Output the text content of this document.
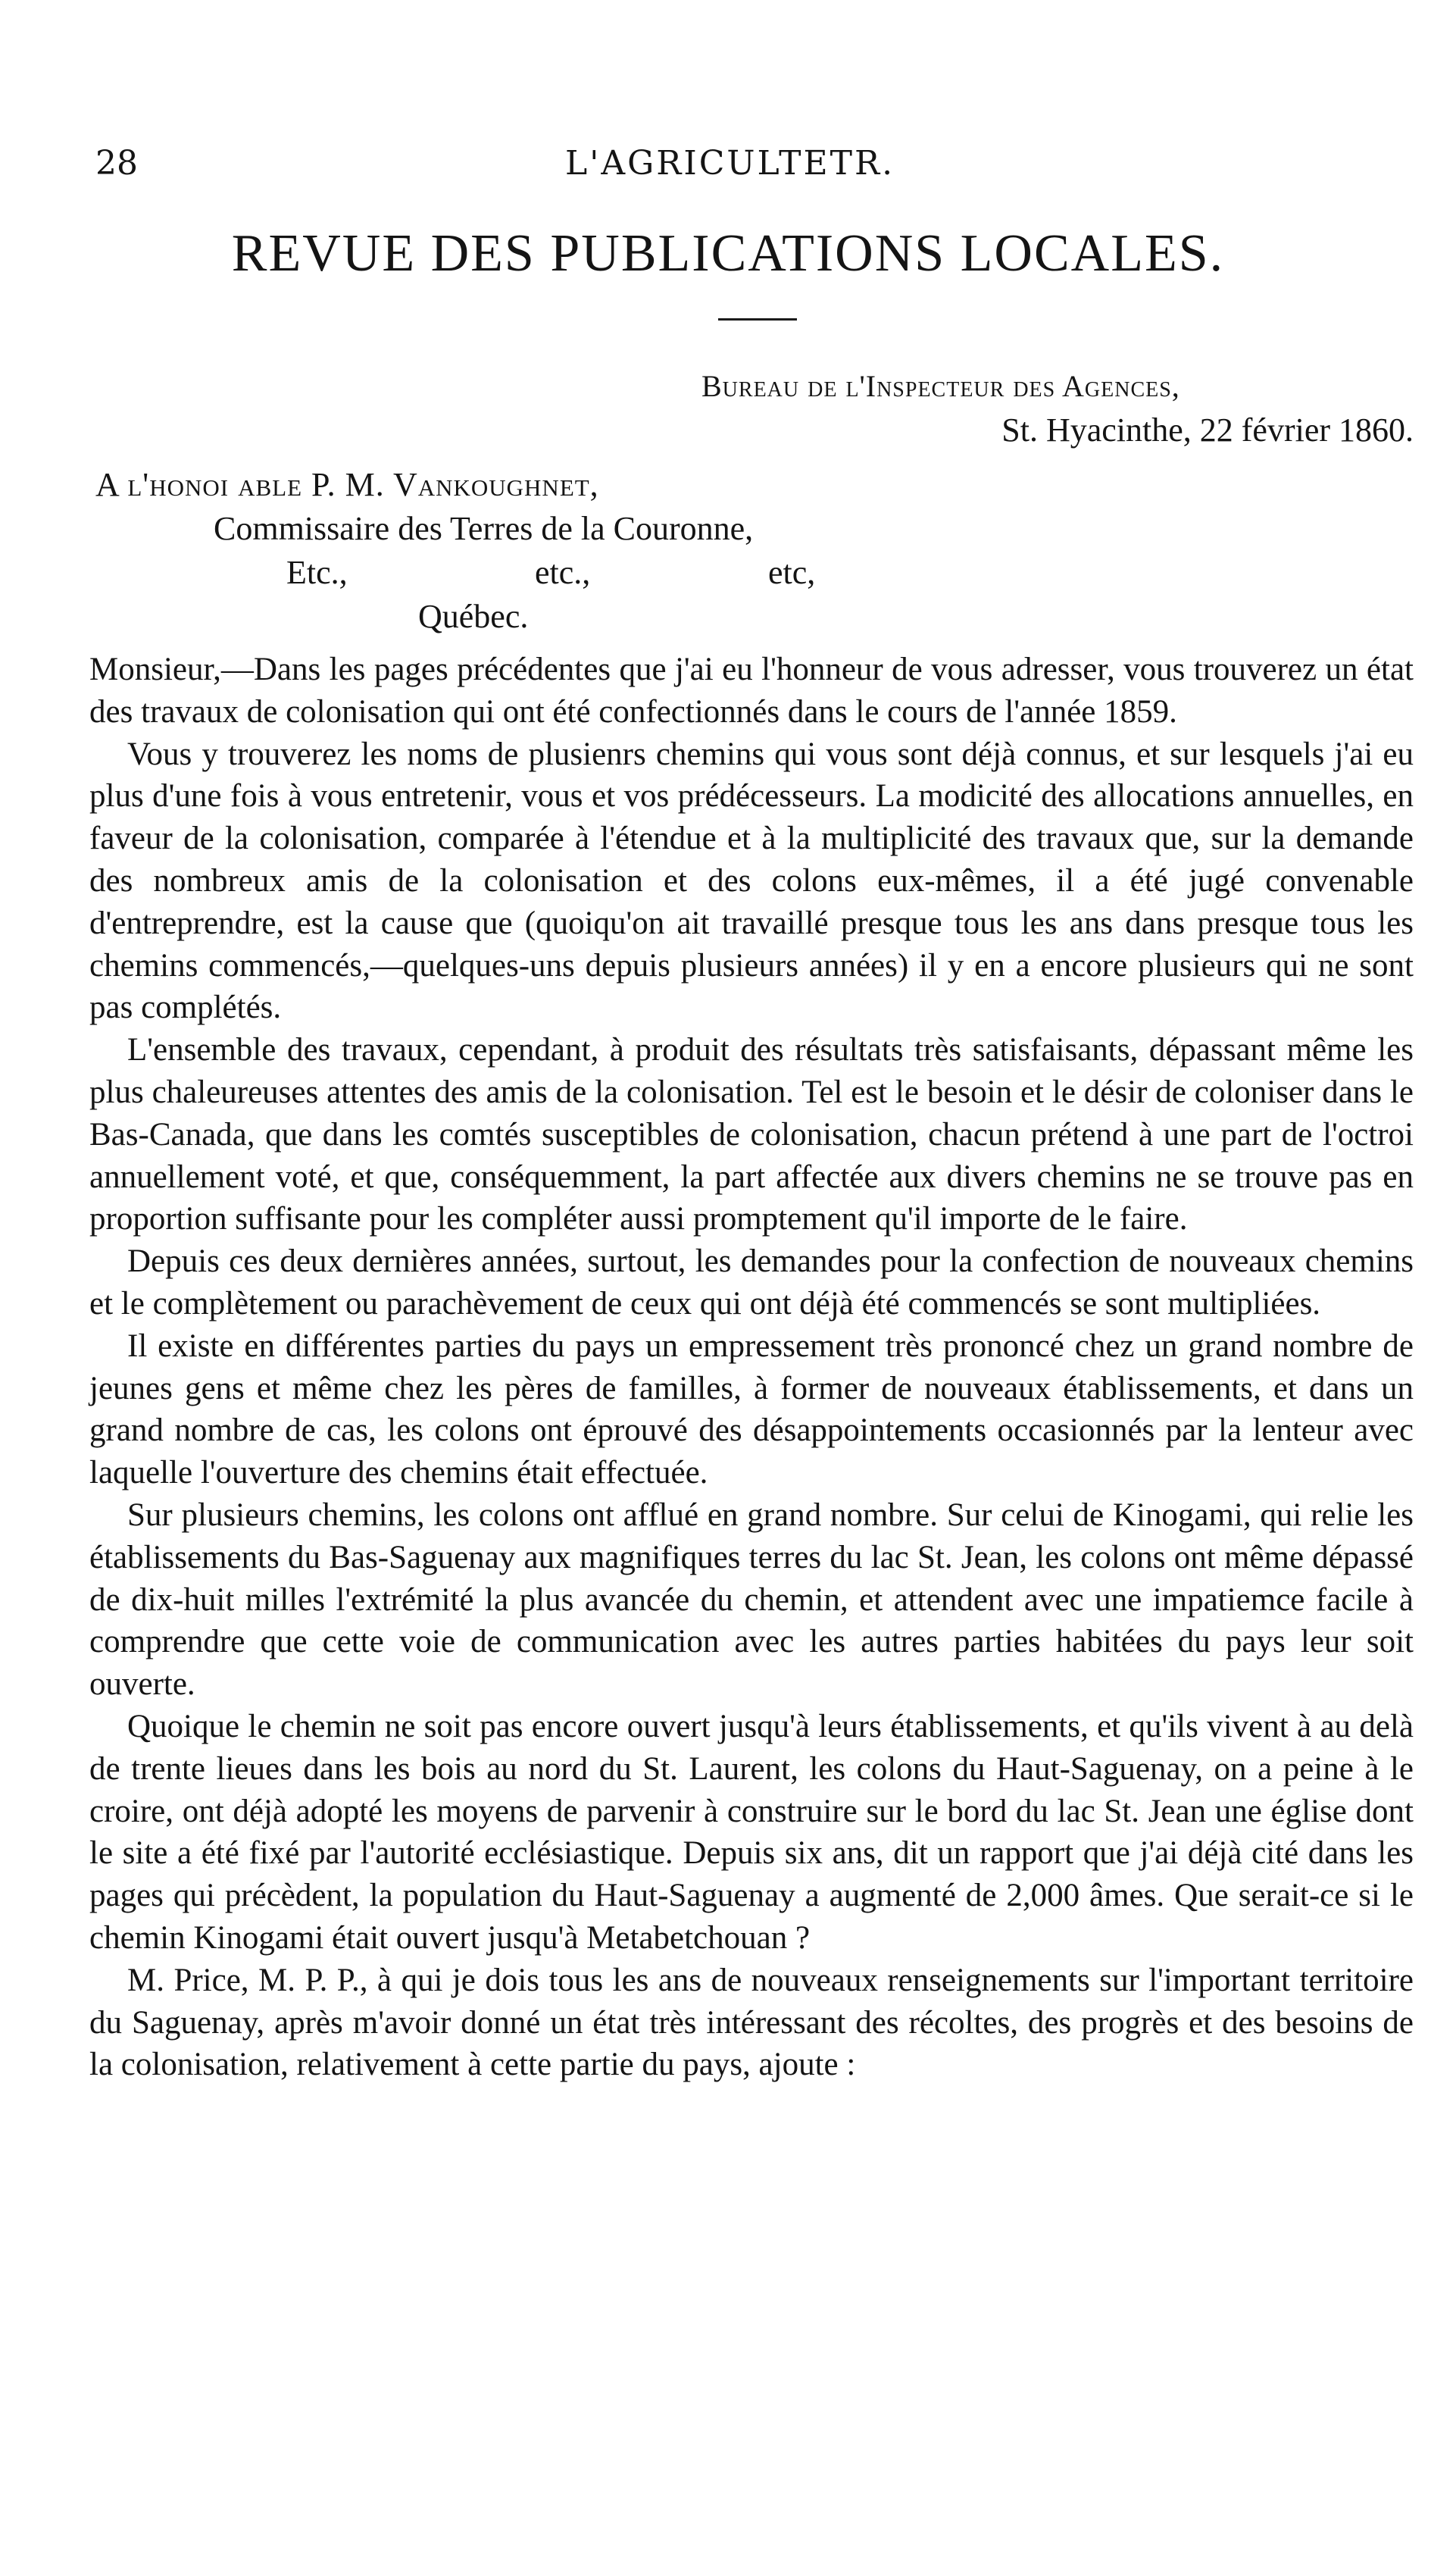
28	L'AGRICULTETR.
REVUE DES PUBLICATIONS LOCALES.
Bureau de l'Inspecteur des Agences,
St. Hyacinthe, 22 février 1860.
A l'honoi able P. M. Vankoughnet,
Commissaire des Terres de la Couronne,
Etc.,	etc.,	etc,
Québec.

Monsieur,—Dans les pages précédentes que j'ai eu l'honneur de vous adresser, vous trouverez un état des travaux de colonisation qui ont été confectionnés dans le cours de l'année 1859.

Vous y trouverez les noms de plusienrs chemins qui vous sont déjà connus, et sur lesquels j'ai eu plus d'une fois à vous entretenir, vous et vos prédécesseurs. La modicité des allocations annuelles, en faveur de la colonisation, comparée à l'étendue et à la multiplicité des travaux que, sur la demande des nombreux amis de la colonisation et des colons eux-mêmes, il a été jugé convenable d'entreprendre, est la cause que (quoiqu'on ait travaillé presque tous les ans dans presque tous les chemins commencés,—quelques-uns depuis plusieurs années) il y en a encore plusieurs qui ne sont pas complétés.

L'ensemble des travaux, cependant, à produit des résultats très satisfaisants, dépassant même les plus chaleureuses attentes des amis de la colonisation. Tel est le besoin et le désir de coloniser dans le Bas-Canada, que dans les comtés susceptibles de colonisation, chacun prétend à une part de l'octroi annuellement voté, et que, conséquemment, la part affectée aux divers chemins ne se trouve pas en proportion suffisante pour les compléter aussi promptement qu'il importe de le faire.

Depuis ces deux dernières années, surtout, les demandes pour la confection de nouveaux chemins et le complètement ou parachèvement de ceux qui ont déjà été commencés se sont multipliées.

Il existe en différentes parties du pays un empressement très prononcé chez un grand nombre de jeunes gens et même chez les pères de familles, à former de nouveaux établissements, et dans un grand nombre de cas, les colons ont éprouvé des désappointements occasionnés par la lenteur avec laquelle l'ouverture des chemins était effectuée.

Sur plusieurs chemins, les colons ont afflué en grand nombre. Sur celui de Kinogami, qui relie les établissements du Bas-Saguenay aux magnifiques terres du lac St. Jean, les colons ont même dépassé de dix-huit milles l'extrémité la plus avancée du chemin, et attendent avec une impatiemce facile à comprendre que cette voie de communication avec les autres parties habitées du pays leur soit ouverte.

Quoique le chemin ne soit pas encore ouvert jusqu'à leurs établissements, et qu'ils vivent à au delà de trente lieues dans les bois au nord du St. Laurent, les colons du Haut-Saguenay, on a peine à le croire, ont déjà adopté les moyens de parvenir à construire sur le bord du lac St. Jean une église dont le site a été fixé par l'autorité ecclésiastique. Depuis six ans, dit un rapport que j'ai déjà cité dans les pages qui précèdent, la population du Haut-Saguenay a augmenté de 2,000 âmes. Que serait-ce si le chemin Kinogami était ouvert jusqu'à Metabetchouan ?

M. Price, M. P. P., à qui je dois tous les ans de nouveaux renseignements sur l'important territoire du Saguenay, après m'avoir donné un état très intéressant des récoltes, des progrès et des besoins de la colonisation, relativement à cette partie du pays, ajoute :
